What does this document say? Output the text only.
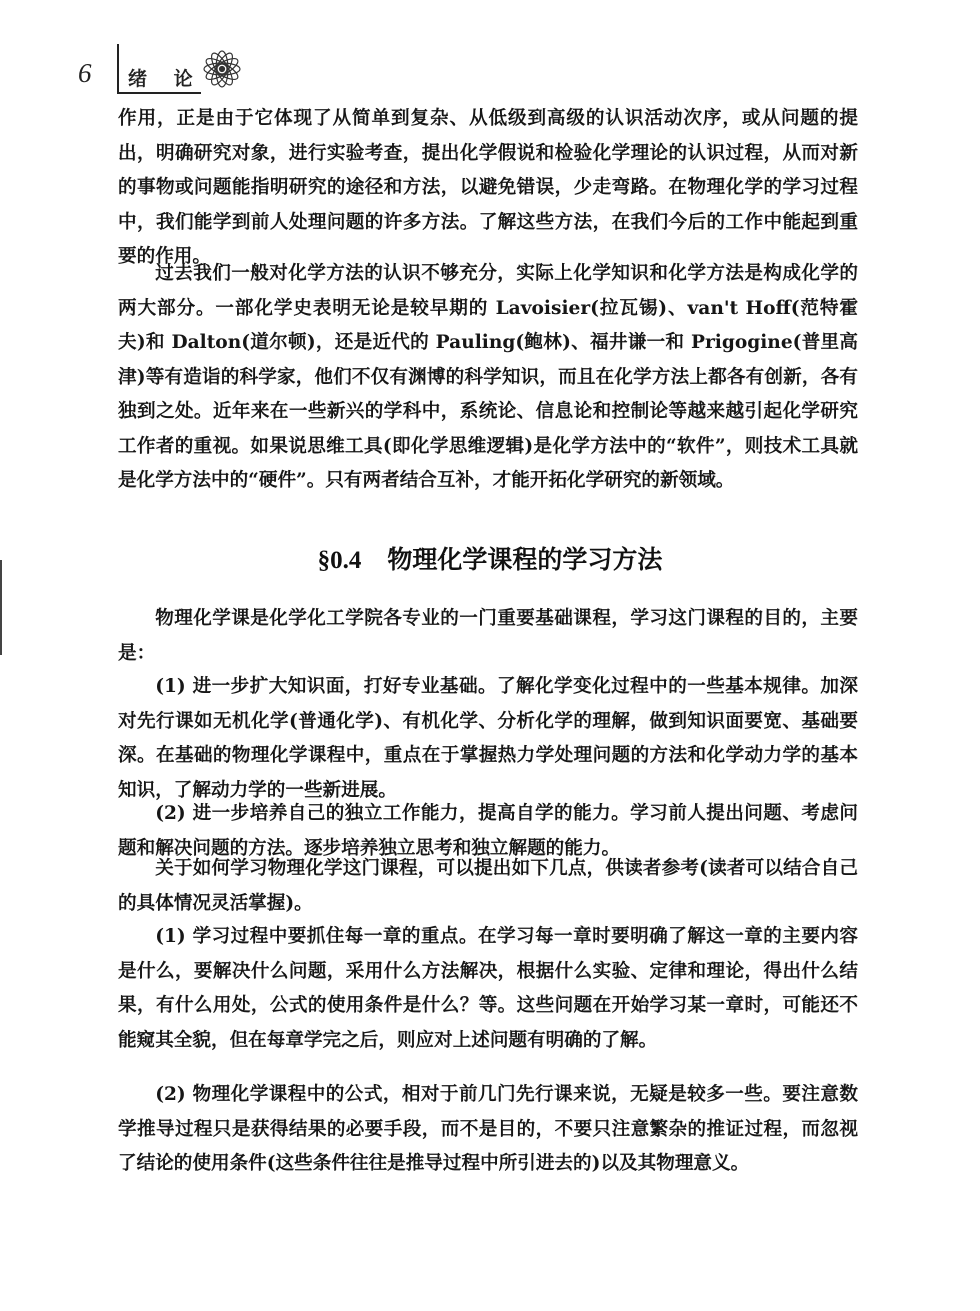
6 绪 论

作用，正是由于它体现了从简单到复杂、从低级到高级的认识活动次序，或从问题的提出，明确研究对象，进行实验考查，提出化学假说和检验化学理论的认识过程，从而对新的事物或问题能指明研究的途径和方法，以避免错误，少走弯路。在物理化学的学习过程中，我们能学到前人处理问题的许多方法。了解这些方法，在我们今后的工作中能起到重要的作用。

过去我们一般对化学方法的认识不够充分，实际上化学知识和化学方法是构成化学的两大部分。一部化学史表明无论是较早期的 Lavoisier(拉瓦锡)、van't Hoff(范特霍夫)和 Dalton(道尔顿)，还是近代的 Pauling(鲍林)、福井谦一和 Prigogine(普里高津)等有造诣的科学家，他们不仅有渊博的科学知识，而且在化学方法上都各有创新，各有独到之处。近年来在一些新兴的学科中，系统论、信息论和控制论等越来越引起化学研究工作者的重视。如果说思维工具(即化学思维逻辑)是化学方法中的“软件”，则技术工具就是化学方法中的“硬件”。只有两者结合互补，才能开拓化学研究的新领域。

§0.4 物理化学课程的学习方法

物理化学课是化学化工学院各专业的一门重要基础课程，学习这门课程的目的，主要是：

(1) 进一步扩大知识面，打好专业基础。了解化学变化过程中的一些基本规律。加深对先行课如无机化学(普通化学)、有机化学、分析化学的理解，做到知识面要宽、基础要深。在基础的物理化学课程中，重点在于掌握热力学处理问题的方法和化学动力学的基本知识，了解动力学的一些新进展。

(2) 进一步培养自己的独立工作能力，提高自学的能力。学习前人提出问题、考虑问题和解决问题的方法。逐步培养独立思考和独立解题的能力。

关于如何学习物理化学这门课程，可以提出如下几点，供读者参考(读者可以结合自己的具体情况灵活掌握)。

(1) 学习过程中要抓住每一章的重点。在学习每一章时要明确了解这一章的主要内容是什么，要解决什么问题，采用什么方法解决，根据什么实验、定律和理论，得出什么结果，有什么用处，公式的使用条件是什么？等。这些问题在开始学习某一章时，可能还不能窥其全貌，但在每章学完之后，则应对上述问题有明确的了解。

(2) 物理化学课程中的公式，相对于前几门先行课来说，无疑是较多一些。要注意数学推导过程只是获得结果的必要手段，而不是目的，不要只注意繁杂的推证过程，而忽视了结论的使用条件(这些条件往往是推导过程中所引进去的)以及其物理意义。
